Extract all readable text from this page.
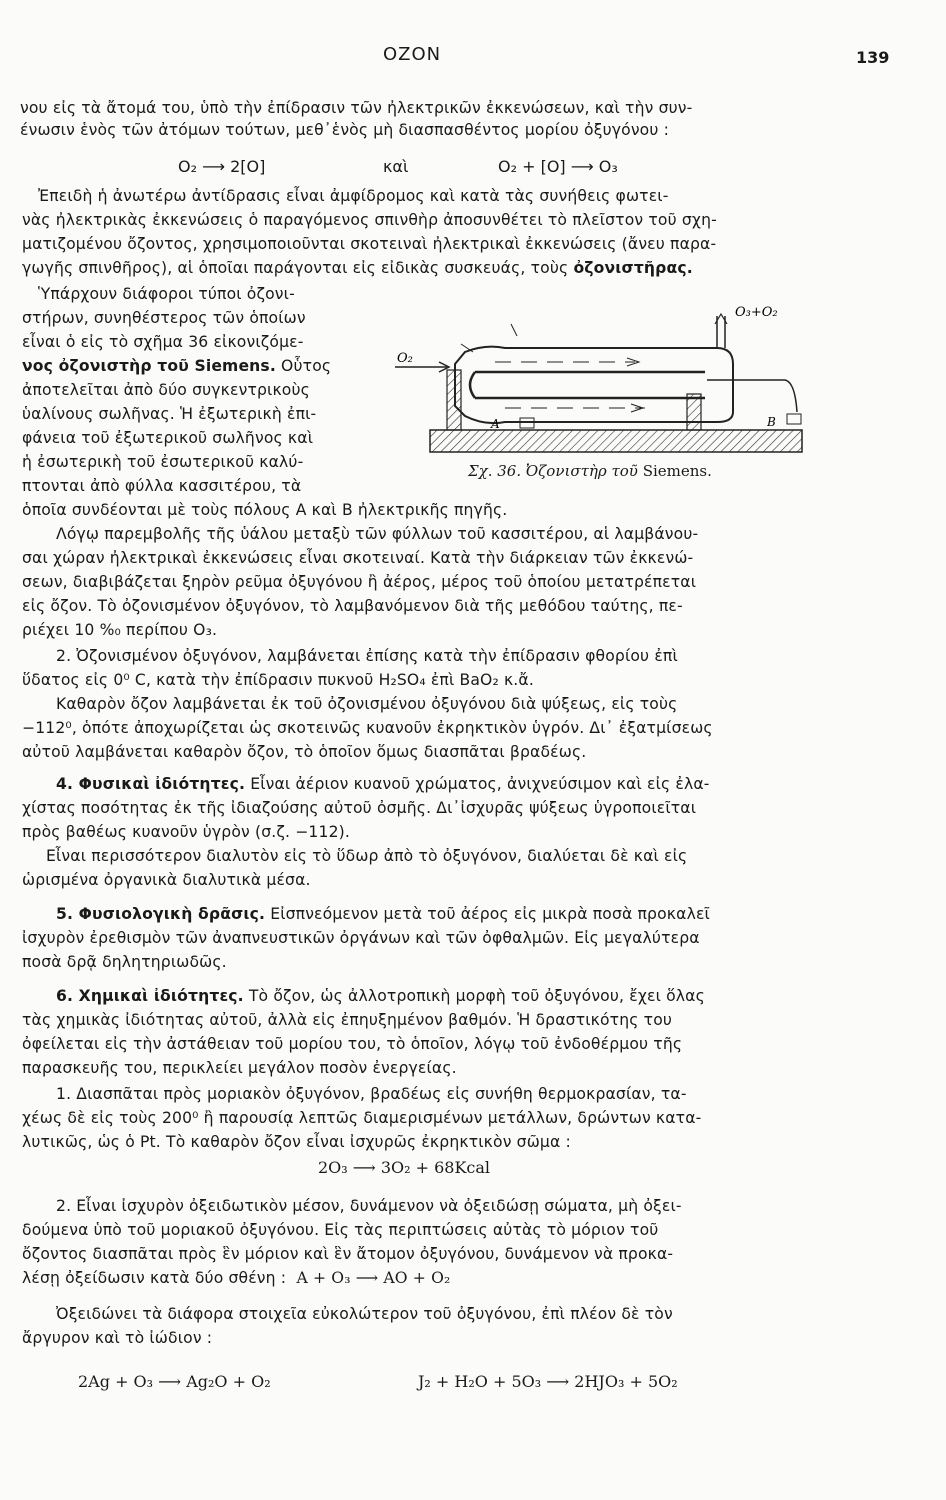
ΟΖΟΝ	139
νου εἰς τὰ ἄτομά του, ὑπὸ τὴν ἐπίδρασιν τῶν ἠλεκτρικῶν ἐκκενώσεων, καὶ τὴν συν-
ένωσιν ἑνὸς τῶν ἀτόμων τούτων, μεθ᾽ἑνὸς μὴ διασπασθέντος μορίου ὀξυγόνου :
O₂ ⟶ 2[O]	καὶ	O₂ + [O] ⟶ O₃
Ἐπειδὴ ἡ ἀνωτέρω ἀντίδρασις εἶναι ἀμφίδρομος καὶ κατὰ τὰς συνήθεις φωτει-
νὰς ἠλεκτρικὰς ἐκκενώσεις ὁ παραγόμενος σπινθὴρ ἀποσυνθέτει τὸ πλεῖστον τοῦ σχη-
ματιζομένου ὄζοντος, χρησιμοποιοῦνται σκοτειναὶ ἠλεκτρικαὶ ἐκκενώσεις (ἄνευ παρα-
γωγῆς σπινθῆρος), αἱ ὁποῖαι παράγονται εἰς εἰδικὰς συσκευάς, τοὺς ὀζονιστῆρας.
Ὑπάρχουν διάφοροι τύποι ὀζονι-
στήρων, συνηθέστερος τῶν ὁποίων
εἶναι ὁ εἰς τὸ σχῆμα 36 εἰκονιζόμε-
νος ὀζονιστὴρ τοῦ Siemens. Οὗτος
ἀποτελεῖται ἀπὸ δύο συγκεντρικοὺς
ὑαλίνους σωλῆνας. Ἡ ἐξωτερικὴ ἐπι-
φάνεια τοῦ ἐξωτερικοῦ σωλῆνος καὶ
ἡ ἐσωτερικὴ τοῦ ἐσωτερικοῦ καλύ-
πτονται ἀπὸ φύλλα κασσιτέρου, τὰ
ὁποῖα συνδέονται μὲ τοὺς πόλους Α καὶ Β ἠλεκτρικῆς πηγῆς.
O₃+O₂
O₂
A	B
Σχ. 36. Ὀζονιστὴρ τοῦ Siemens.
Λόγῳ παρεμβολῆς τῆς ὑάλου μεταξὺ τῶν φύλλων τοῦ κασσιτέρου, αἱ λαμβάνου-
σαι χώραν ἠλεκτρικαὶ ἐκκενώσεις εἶναι σκοτειναί. Κατὰ τὴν διάρκειαν τῶν ἐκκενώ-
σεων, διαβιβάζεται ξηρὸν ρεῦμα ὀξυγόνου ἢ ἀέρος, μέρος τοῦ ὁποίου μετατρέπεται
εἰς ὄζον. Τὸ ὀζονισμένον ὀξυγόνον, τὸ λαμβανόμενον διὰ τῆς μεθόδου ταύτης, πε-
ριέχει 10 %₀ περίπου O₃.
2. Ὀζονισμένον ὀξυγόνον, λαμβάνεται ἐπίσης κατὰ τὴν ἐπίδρασιν φθορίου ἐπὶ
ὕδατος εἰς 0⁰ C, κατὰ τὴν ἐπίδρασιν πυκνοῦ H₂SO₄ ἐπὶ BaO₂ κ.ἄ.
Καθαρὸν ὄζον λαμβάνεται ἐκ τοῦ ὀζονισμένου ὀξυγόνου διὰ ψύξεως, εἰς τοὺς
−112⁰, ὁπότε ἀποχωρίζεται ὡς σκοτεινῶς κυανοῦν ἐκρηκτικὸν ὑγρόν. Δι᾽ ἐξατμίσεως
αὐτοῦ λαμβάνεται καθαρὸν ὄζον, τὸ ὁποῖον ὅμως διασπᾶται βραδέως.
4. Φυσικαὶ ἰδιότητες. Εἶναι ἀέριον κυανοῦ χρώματος, ἀνιχνεύσιμον καὶ εἰς ἐλα-
χίστας ποσότητας ἐκ τῆς ἰδιαζούσης αὐτοῦ ὀσμῆς. Δι᾽ἰσχυρᾶς ψύξεως ὑγροποιεῖται
πρὸς βαθέως κυανοῦν ὑγρὸν (σ.ζ. −112).
Εἶναι περισσότερον διαλυτὸν εἰς τὸ ὕδωρ ἀπὸ τὸ ὀξυγόνον, διαλύεται δὲ καὶ εἰς
ὡρισμένα ὀργανικὰ διαλυτικὰ μέσα.
5. Φυσιολογικὴ δρᾶσις. Εἰσπνεόμενον μετὰ τοῦ ἀέρος εἰς μικρὰ ποσὰ προκαλεῖ
ἰσχυρὸν ἐρεθισμὸν τῶν ἀναπνευστικῶν ὀργάνων καὶ τῶν ὀφθαλμῶν. Εἰς μεγαλύτερα
ποσὰ δρᾷ δηλητηριωδῶς.
6. Χημικαὶ ἰδιότητες. Τὸ ὄζον, ὡς ἀλλοτροπικὴ μορφὴ τοῦ ὀξυγόνου, ἔχει ὅλας
τὰς χημικὰς ἰδιότητας αὐτοῦ, ἀλλὰ εἰς ἐπηυξημένον βαθμόν. Ἡ δραστικότης του
ὀφείλεται εἰς τὴν ἀστάθειαν τοῦ μορίου του, τὸ ὁποῖον, λόγῳ τοῦ ἐνδοθέρμου τῆς
παρασκευῆς του, περικλείει μεγάλον ποσὸν ἐνεργείας.
1. Διασπᾶται πρὸς μοριακὸν ὀξυγόνον, βραδέως εἰς συνήθη θερμοκρασίαν, τα-
χέως δὲ εἰς τοὺς 200⁰ ἢ παρουσίᾳ λεπτῶς διαμερισμένων μετάλλων, δρώντων κατα-
λυτικῶς, ὡς ὁ Pt. Τὸ καθαρὸν ὄζον εἶναι ἰσχυρῶς ἐκρηκτικὸν σῶμα :
2O₃ ⟶ 3O₂ + 68Kcal
2. Εἶναι ἰσχυρὸν ὀξειδωτικὸν μέσον, δυνάμενον νὰ ὀξειδώσῃ σώματα, μὴ ὀξει-
δούμενα ὑπὸ τοῦ μοριακοῦ ὀξυγόνου. Εἰς τὰς περιπτώσεις αὐτὰς τὸ μόριον τοῦ
ὄζοντος διασπᾶται πρὸς ἓν μόριον καὶ ἓν ἄτομον ὀξυγόνου, δυνάμενον νὰ προκα-
λέσῃ ὀξείδωσιν κατὰ δύο σθένη : A + O₃ ⟶ AO + O₂
Ὀξειδώνει τὰ διάφορα στοιχεῖα εὐκολώτερον τοῦ ὀξυγόνου, ἐπὶ πλέον δὲ τὸν
ἄργυρον καὶ τὸ ἰώδιον :
2Ag + O₃ ⟶ Ag₂O + O₂	J₂ + H₂O + 5O₃ ⟶ 2HJO₃ + 5O₂
